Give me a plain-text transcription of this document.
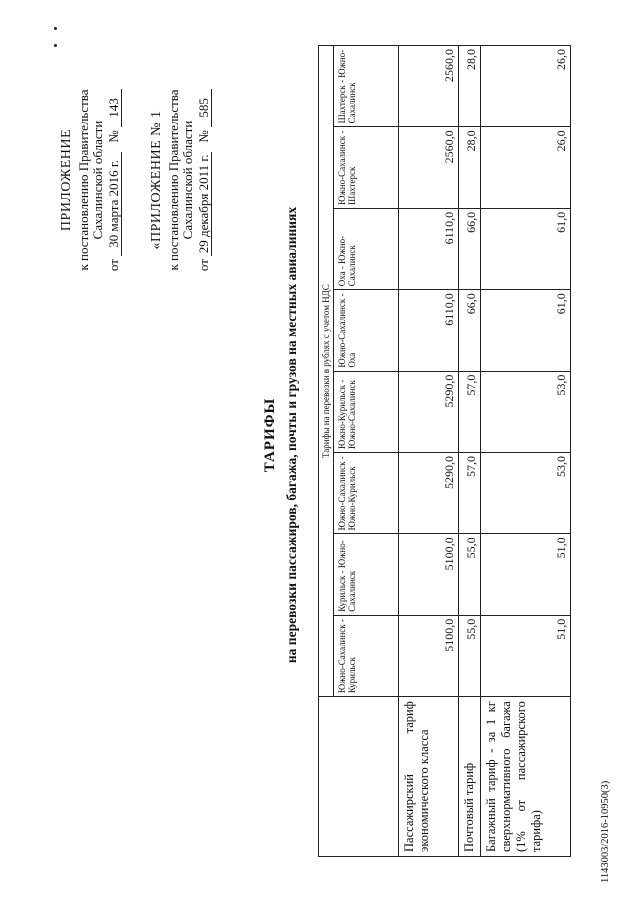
ПРИЛОЖЕНИЕ к постановлению Правительства Сахалинской области
от 30 марта 2016 г. № 143
«ПРИЛОЖЕНИЕ № 1 к постановлению Правительства Сахалинской области
от 29 декабря 2011 г. № 585
ТАРИФЫ на перевозки пассажиров, багажа, почты и грузов на местных авиалиниях
	Тарифы на перевозки в рублях с учетом НДС							
	Южно-Сахалинск - Курильск	Курильск - Южно-Сахалинск	Южно-Сахалинск - Южно-Курильск	Южно-Курильск - Южно-Сахалинск	Южно-Сахалинск - Оха	Оха - Южно-Сахалинск	Южно-Сахалинск - Шахтерск	Шахтерск - Южно-Сахалинск
Пассажирский тариф экономического класса	5100,0	5100,0	5290,0	5290,0	6110,0	6110,0	2560,0	2560,0
Почтовый тариф	55,0	55,0	57,0	57,0	66,0	66,0	28,0	28,0
Багажный тариф - за 1 кг сверхнормативного багажа (1% от пассажирского тарифа)	51,0	51,0	53,0	53,0	61,0	61,0	26,0	26,0
1143003/2016-10950(3)
